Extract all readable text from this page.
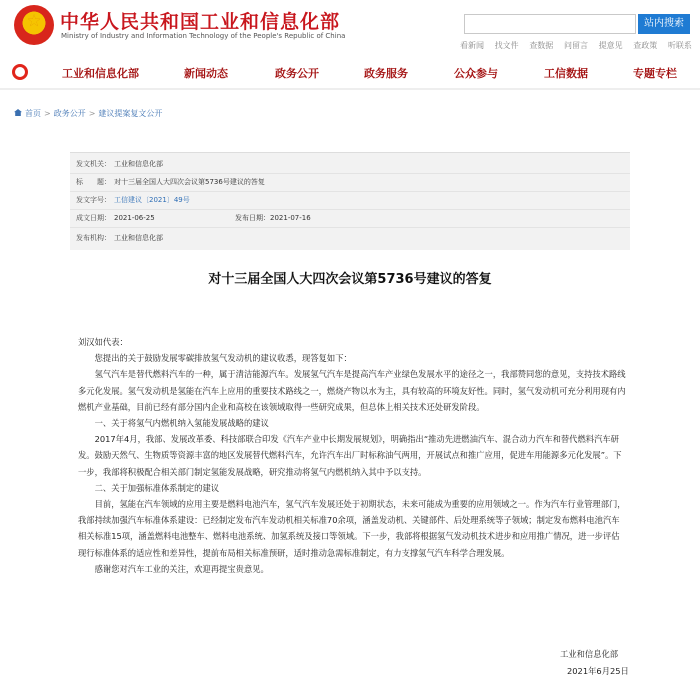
★
中华人民共和国工业和信息化部
Ministry of Industry and Information Technology of the People's Republic of China
站内搜索
看新闻 找文件 查数据 问留言 提意见 查政策 听联系
工业和信息化部	新闻动态	政务公开	政务服务	公众参与	工信数据	专题专栏
首页 > 政务公开 > 建议提案复文公开
发文机关： 工业和信息化部
标　　题： 对十三届全国人大四次会议第5736号建议的答复
发文字号： 工信建议〔2021〕49号
成文日期： 2021-06-25	发布日期：2021-07-16
发布机构： 工业和信息化部
对十三届全国人大四次会议第5736号建议的答复

刘汉如代表：

您提出的关于鼓励发展零碳排放氢气发动机的建议收悉，现答复如下：

氢气汽车是替代燃料汽车的一种，属于清洁能源汽车。发展氢气汽车是提高汽车产业绿色发展水平的途径之一，我部赞同您的意见，支持技术路线多元化发展。氢气发动机是氢能在汽车上应用的重要技术路线之一，燃烧产物以水为主，具有较高的环境友好性。同时，氢气发动机可充分利用现有内燃机产业基础，目前已经有部分国内企业和高校在该领域取得一些研究成果，但总体上相关技术还处研发阶段。

一、关于将氢气内燃机纳入氢能发展战略的建议

2017年4月，我部、发展改革委、科技部联合印发《汽车产业中长期发展规划》，明确指出“推动先进燃油汽车、混合动力汽车和替代燃料汽车研发。鼓励天然气、生物质等资源丰富的地区发展替代燃料汽车，允许汽车出厂时标称油气两用，开展试点和推广应用，促进车用能源多元化发展”。下一步，我部将积极配合相关部门制定氢能发展战略，研究推动将氢气内燃机纳入其中予以支持。

二、关于加强标准体系制定的建议

目前，氢能在汽车领域的应用主要是燃料电池汽车，氢气汽车发展还处于初期状态，未来可能成为重要的应用领域之一。作为汽车行业管理部门，我部持续加强汽车标准体系建设：已经制定发布汽车发动机相关标准70余项，涵盖发动机、关键部件、后处理系统等子领域；制定发布燃料电池汽车相关标准15项，涵盖燃料电池整车、燃料电池系统、加氢系统及接口等领域。下一步，我部将根据氢气发动机技术进步和应用推广情况，进一步评估现行标准体系的适应性和差异性，提前布局相关标准预研，适时推动急需标准制定，有力支撑氢气汽车科学合理发展。

感谢您对汽车工业的关注，欢迎再提宝贵意见。

工业和信息化部
2021年6月25日
